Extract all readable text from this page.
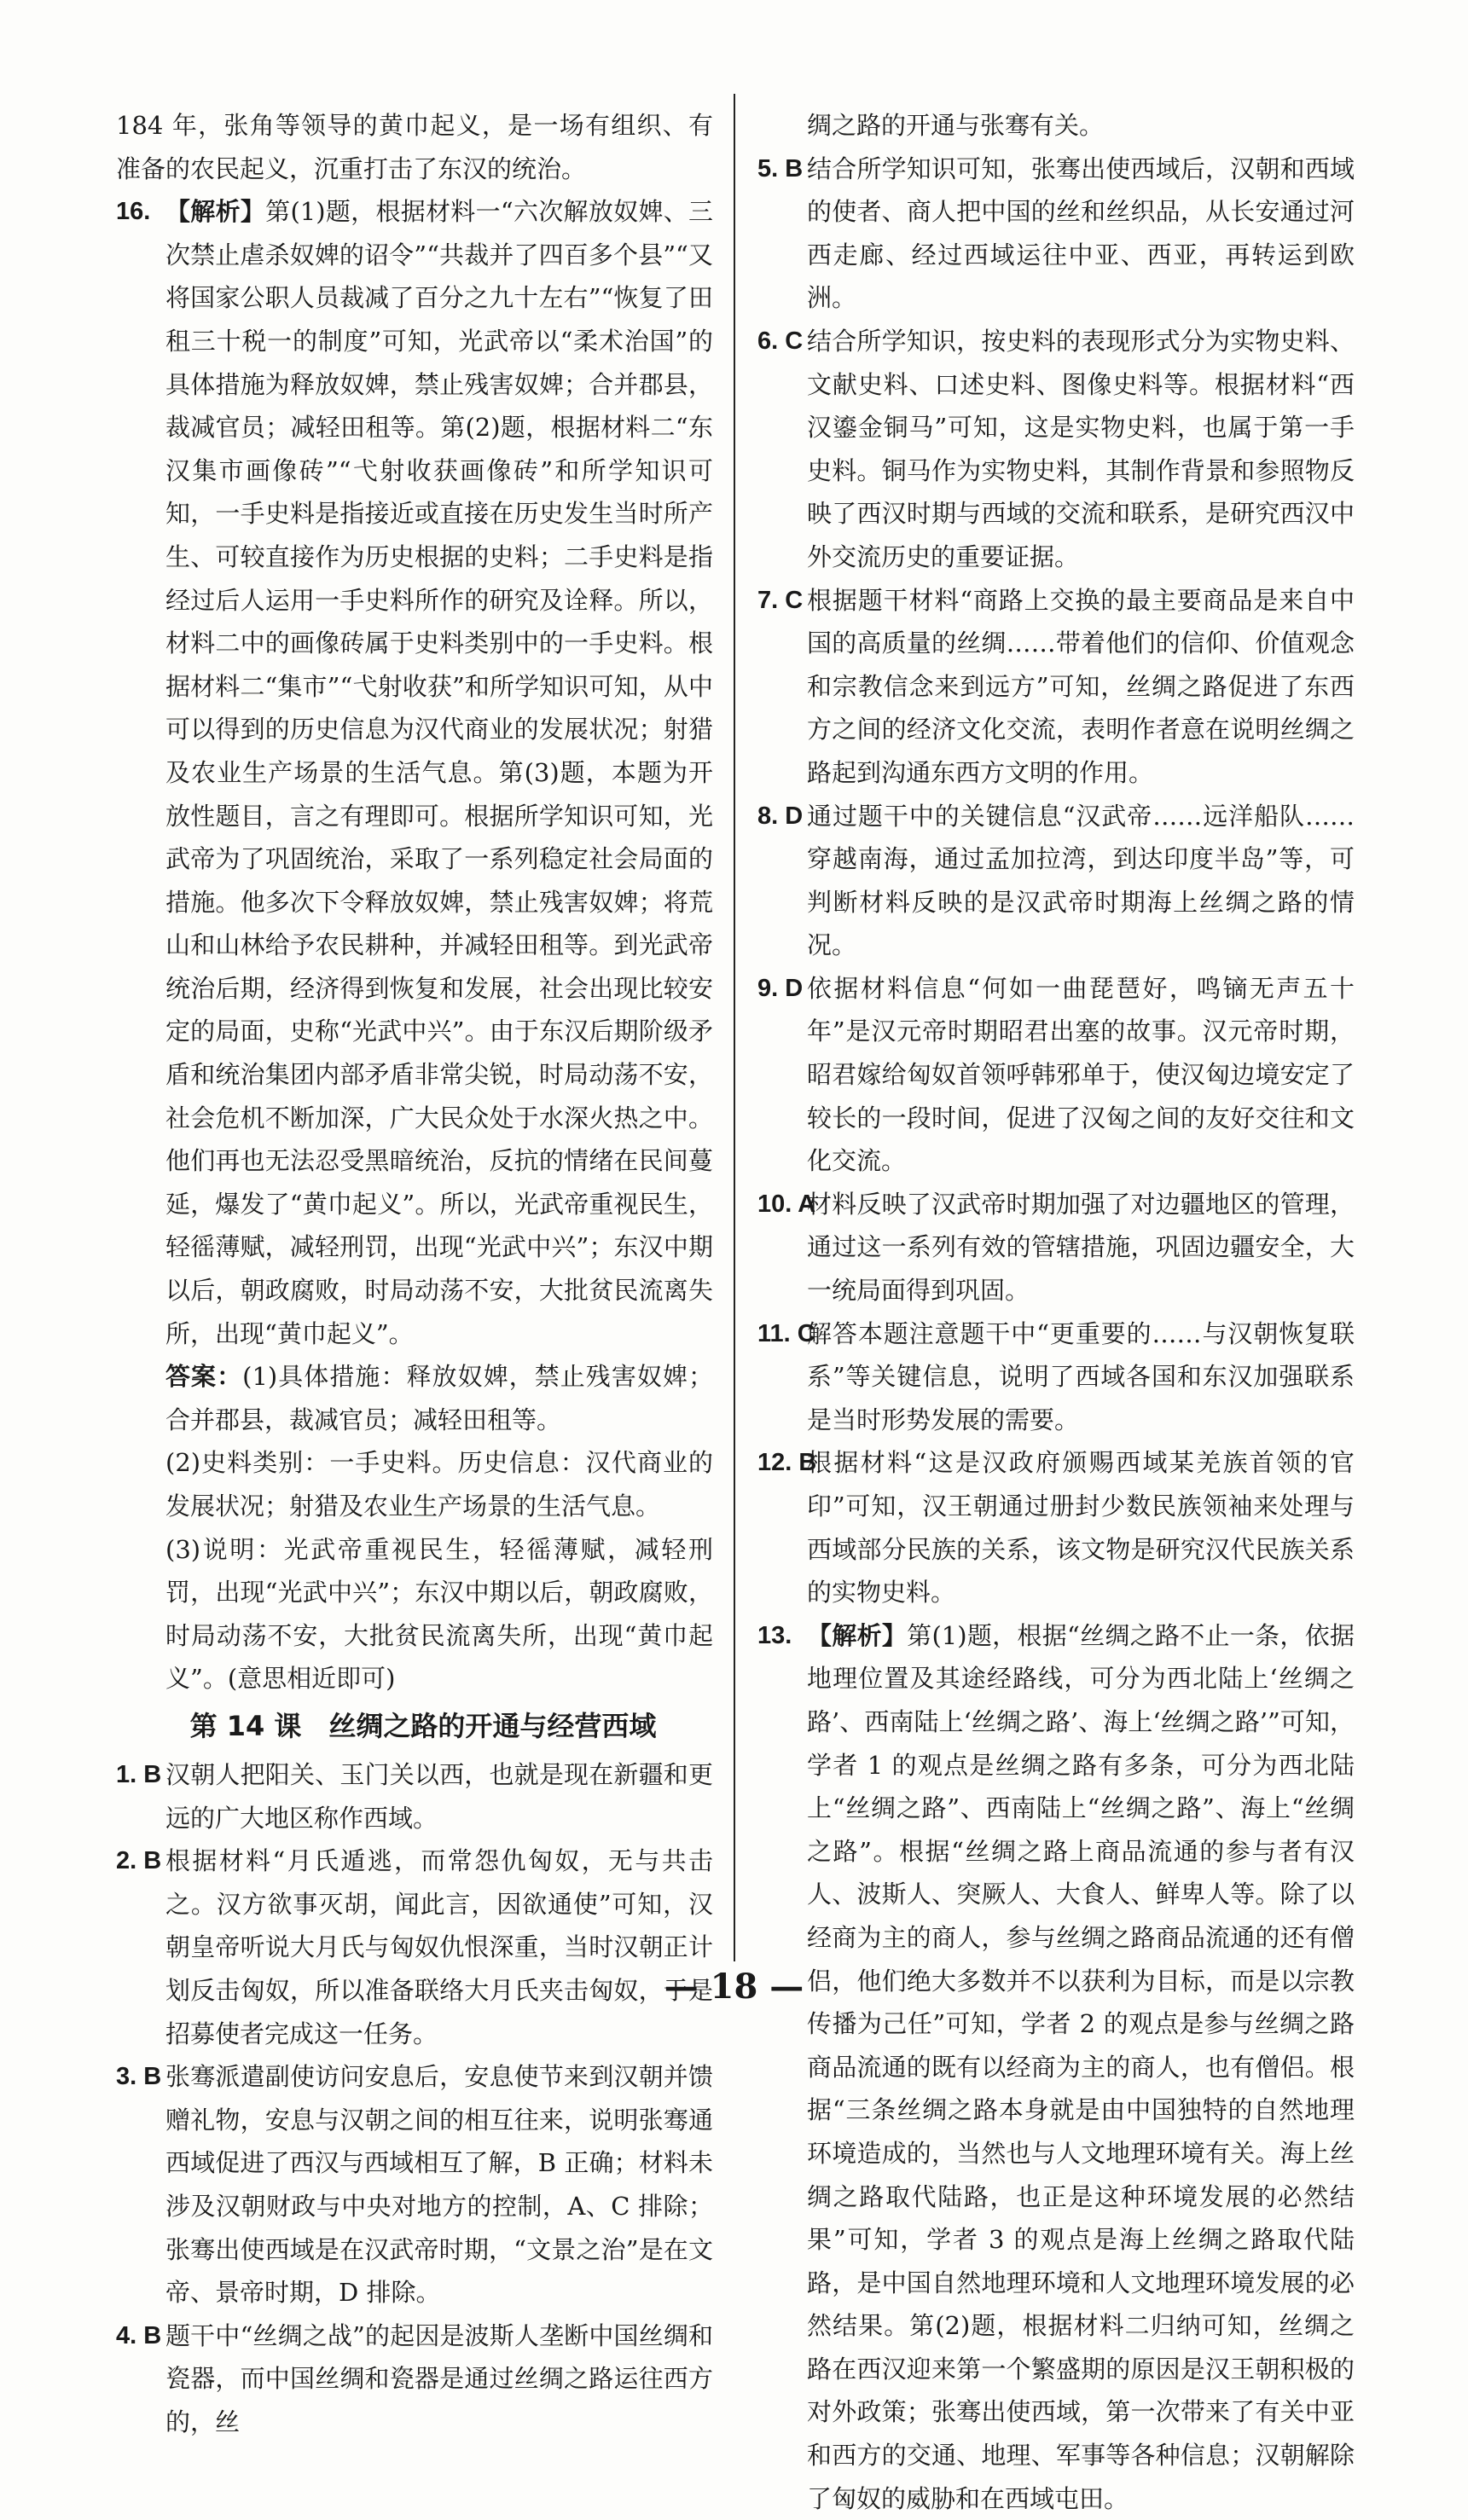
184 年，张角等领导的黄巾起义，是一场有组织、有准备的农民起义，沉重打击了东汉的统治。

16. 【解析】第(1)题，根据材料一“六次解放奴婢、三次禁止虐杀奴婢的诏令”“共裁并了四百多个县”“又将国家公职人员裁减了百分之九十左右”“恢复了田租三十税一的制度”可知，光武帝以“柔术治国”的具体措施为释放奴婢，禁止残害奴婢；合并郡县，裁减官员；减轻田租等。第(2)题，根据材料二“东汉集市画像砖”“弋射收获画像砖”和所学知识可知，一手史料是指接近或直接在历史发生当时所产生、可较直接作为历史根据的史料；二手史料是指经过后人运用一手史料所作的研究及诠释。所以，材料二中的画像砖属于史料类别中的一手史料。根据材料二“集市”“弋射收获”和所学知识可知，从中可以得到的历史信息为汉代商业的发展状况；射猎及农业生产场景的生活气息。第(3)题，本题为开放性题目，言之有理即可。根据所学知识可知，光武帝为了巩固统治，采取了一系列稳定社会局面的措施。他多次下令释放奴婢，禁止残害奴婢；将荒山和山林给予农民耕种，并减轻田租等。到光武帝统治后期，经济得到恢复和发展，社会出现比较安定的局面，史称“光武中兴”。由于东汉后期阶级矛盾和统治集团内部矛盾非常尖锐，时局动荡不安，社会危机不断加深，广大民众处于水深火热之中。他们再也无法忍受黑暗统治，反抗的情绪在民间蔓延，爆发了“黄巾起义”。所以，光武帝重视民生，轻徭薄赋，减轻刑罚，出现“光武中兴”；东汉中期以后，朝政腐败，时局动荡不安，大批贫民流离失所，出现“黄巾起义”。

答案：(1)具体措施：释放奴婢，禁止残害奴婢；合并郡县，裁减官员；减轻田租等。

(2)史料类别：一手史料。历史信息：汉代商业的发展状况；射猎及农业生产场景的生活气息。

(3)说明：光武帝重视民生，轻徭薄赋，减轻刑罚，出现“光武中兴”；东汉中期以后，朝政腐败，时局动荡不安，大批贫民流离失所，出现“黄巾起义”。(意思相近即可)

第 14 课　丝绸之路的开通与经营西域
1. B 汉朝人把阳关、玉门关以西，也就是现在新疆和更远的广大地区称作西域。
2. B 根据材料“月氏遁逃，而常怨仇匈奴，无与共击之。汉方欲事灭胡，闻此言，因欲通使”可知，汉朝皇帝听说大月氏与匈奴仇恨深重，当时汉朝正计划反击匈奴，所以准备联络大月氏夹击匈奴，于是招募使者完成这一任务。
3. B 张骞派遣副使访问安息后，安息使节来到汉朝并馈赠礼物，安息与汉朝之间的相互往来，说明张骞通西域促进了西汉与西域相互了解，B 正确；材料未涉及汉朝财政与中央对地方的控制，A、C 排除；张骞出使西域是在汉武帝时期，“文景之治”是在文帝、景帝时期，D 排除。
4. B 题干中“丝绸之战”的起因是波斯人垄断中国丝绸和瓷器，而中国丝绸和瓷器是通过丝绸之路运往西方的，丝

绸之路的开通与张骞有关。

5. B 结合所学知识可知，张骞出使西域后，汉朝和西域的使者、商人把中国的丝和丝织品，从长安通过河西走廊、经过西域运往中亚、西亚，再转运到欧洲。
6. C 结合所学知识，按史料的表现形式分为实物史料、文献史料、口述史料、图像史料等。根据材料“西汉鎏金铜马”可知，这是实物史料，也属于第一手史料。铜马作为实物史料，其制作背景和参照物反映了西汉时期与西域的交流和联系，是研究西汉中外交流历史的重要证据。
7. C 根据题干材料“商路上交换的最主要商品是来自中国的高质量的丝绸……带着他们的信仰、价值观念和宗教信念来到远方”可知，丝绸之路促进了东西方之间的经济文化交流，表明作者意在说明丝绸之路起到沟通东西方文明的作用。
8. D 通过题干中的关键信息“汉武帝……远洋船队……穿越南海，通过孟加拉湾，到达印度半岛”等，可判断材料反映的是汉武帝时期海上丝绸之路的情况。
9. D 依据材料信息“何如一曲琵琶好，鸣镝无声五十年”是汉元帝时期昭君出塞的故事。汉元帝时期，昭君嫁给匈奴首领呼韩邪单于，使汉匈边境安定了较长的一段时间，促进了汉匈之间的友好交往和文化交流。
10. A
材料反映了汉武帝时期加强了对边疆地区的管理，通过这一系列有效的管辖措施，巩固边疆安全，大一统局面得到巩固。
11. C
解答本题注意题干中“更重要的……与汉朝恢复联系”等关键信息，说明了西域各国和东汉加强联系是当时形势发展的需要。
12. B
根据材料“这是汉政府颁赐西域某羌族首领的官印”可知，汉王朝通过册封少数民族领袖来处理与西域部分民族的关系，该文物是研究汉代民族关系的实物史料。
13. 【解析】第(1)题，根据“丝绸之路不止一条，依据地理位置及其途经路线，可分为西北陆上‘丝绸之路’、西南陆上‘丝绸之路’、海上‘丝绸之路’”可知，学者 1 的观点是丝绸之路有多条，可分为西北陆上“丝绸之路”、西南陆上“丝绸之路”、海上“丝绸之路”。根据“丝绸之路上商品流通的参与者有汉人、波斯人、突厥人、大食人、鲜卑人等。除了以经商为主的商人，参与丝绸之路商品流通的还有僧侣，他们绝大多数并不以获利为目标，而是以宗教传播为己任”可知，学者 2 的观点是参与丝绸之路商品流通的既有以经商为主的商人，也有僧侣。根据“三条丝绸之路本身就是由中国独特的自然地理环境造成的，当然也与人文地理环境有关。海上丝绸之路取代陆路，也正是这种环境发展的必然结果”可知，学者 3 的观点是海上丝绸之路取代陆路，是中国自然地理环境和人文地理环境发展的必然结果。第(2)题，根据材料二归纳可知，丝绸之路在西汉迎来第一个繁盛期的原因是汉王朝积极的对外政策；张骞出使西域，第一次带来了有关中亚和西方的交通、地理、军事等各种信息；汉朝解除了匈奴的威胁和在西域屯田。
— 18 —
